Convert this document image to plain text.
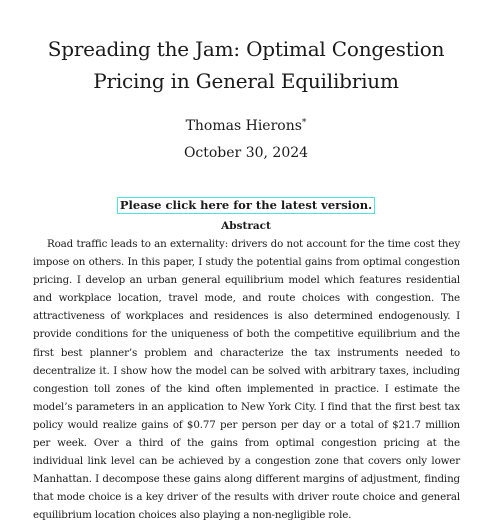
Spreading the Jam: Optimal Congestion Pricing in General Equilibrium
Thomas Hierons*
October 30, 2024
Please click here for the latest version.
Abstract

Road traffic leads to an externality: drivers do not account for the time cost they impose on others. In this paper, I study the potential gains from optimal congestion pricing. I develop an urban general equilibrium model which features residential and workplace location, travel mode, and route choices with congestion. The attractiveness of workplaces and residences is also determined endogenously. I provide conditions for the uniqueness of both the competitive equilibrium and the first best planner’s problem and characterize the tax instruments needed to decentralize it. I show how the model can be solved with arbitrary taxes, including congestion toll zones of the kind often implemented in practice. I estimate the model’s parameters in an application to New York City. I find that the first best tax policy would realize gains of $0.77 per person per day or a total of $21.7 million per week. Over a third of the gains from optimal congestion pricing at the individual link level can be achieved by a congestion zone that covers only lower Manhattan. I decompose these gains along different margins of adjustment, finding that mode choice is a key driver of the results with driver route choice and general equilibrium location choices also playing a non-negligible role.
